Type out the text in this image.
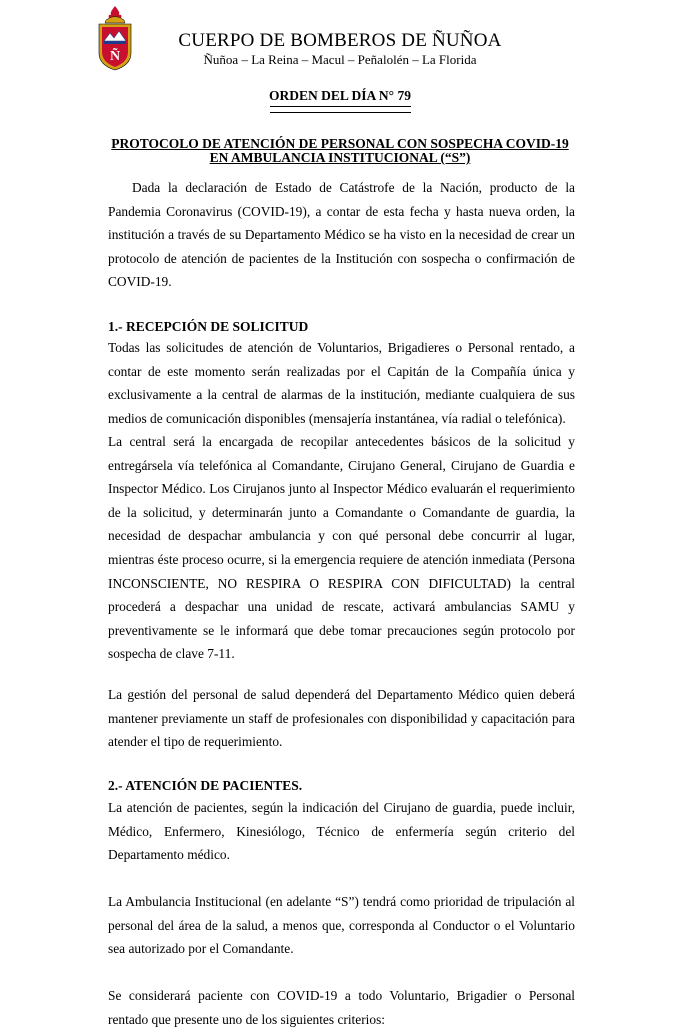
Ñ
CUERPO DE BOMBEROS DE ÑUÑOA
Ñuñoa – La Reina – Macul – Peñalolén – La Florida
ORDEN DEL DÍA N° 79
PROTOCOLO DE ATENCIÓN DE PERSONAL CON SOSPECHA COVID-19
EN AMBULANCIA INSTITUCIONAL (“S”)

Dada la declaración de Estado de Catástrofe de la Nación, producto de la Pandemia Coronavirus (COVID-19), a contar de esta fecha y hasta nueva orden, la institución a través de su Departamento Médico se ha visto en la necesidad de crear un protocolo de atención de pacientes de la Institución con sospecha o confirmación de COVID-19.

1.- RECEPCIÓN DE SOLICITUD

Todas las solicitudes de atención de Voluntarios, Brigadieres o Personal rentado, a contar de este momento serán realizadas por el Capitán de la Compañía única y exclusivamente a la central de alarmas de la institución, mediante cualquiera de sus medios de comunicación disponibles (mensajería instantánea, vía radial o telefónica).

La central será la encargada de recopilar antecedentes básicos de la solicitud y entregársela vía telefónica al Comandante, Cirujano General, Cirujano de Guardia e Inspector Médico. Los Cirujanos junto al Inspector Médico evaluarán el requerimiento de la solicitud, y determinarán junto a Comandante o Comandante de guardia, la necesidad de despachar ambulancia y con qué personal debe concurrir al lugar, mientras éste proceso ocurre, si la emergencia requiere de atención inmediata (Persona INCONSCIENTE, NO RESPIRA O RESPIRA CON DIFICULTAD) la central procederá a despachar una unidad de rescate, activará ambulancias SAMU y preventivamente se le informará que debe tomar precauciones según protocolo por sospecha de clave 7-11.

La gestión del personal de salud dependerá del Departamento Médico quien deberá mantener previamente un staff de profesionales con disponibilidad y capacitación para atender el tipo de requerimiento.

2.- ATENCIÓN DE PACIENTES.

La atención de pacientes, según la indicación del Cirujano de guardia, puede incluir, Médico, Enfermero, Kinesiólogo, Técnico de enfermería según criterio del Departamento médico.

La Ambulancia Institucional (en adelante “S”) tendrá como prioridad de tripulación al personal del área de la salud, a menos que, corresponda al Conductor o el Voluntario sea autorizado por el Comandante.

Se considerará paciente con COVID-19 a todo Voluntario, Brigadier o Personal rentado que presente uno de los siguientes criterios:
